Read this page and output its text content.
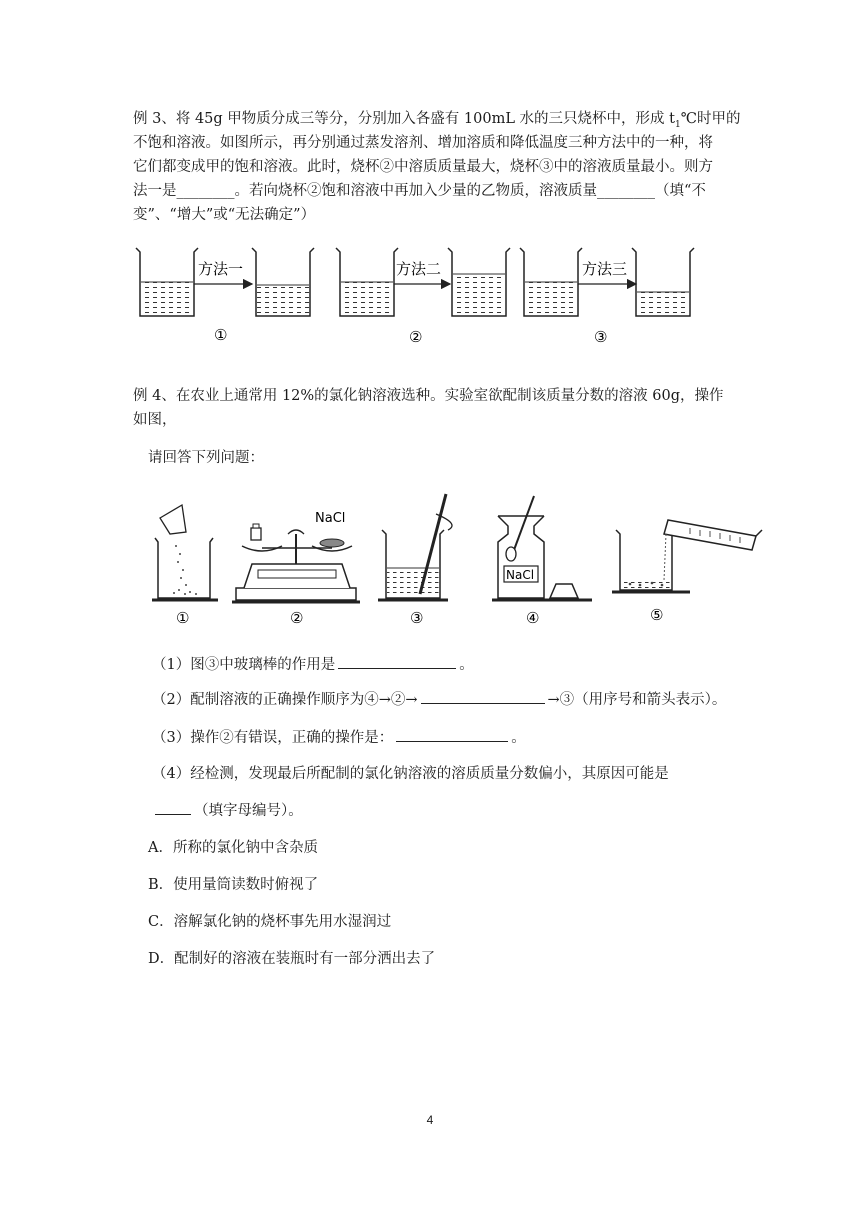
例 3、将 45g 甲物质分成三等分，分别加入各盛有 100mL 水的三只烧杯中，形成 $t_1℃$时甲的
不饱和溶液。如图所示，再分别通过蒸发溶剂、增加溶质和降低温度三种方法中的一种，将
它们都变成甲的饱和溶液。此时，烧杯②中溶质质量最大，烧杯③中的溶液质量最小。则方
法一是________。若向烧杯②饱和溶液中再加入少量的乙物质，溶液质量________（填“不
变”、“增大”或“无法确定”）
方法一
①
方法二
②
方法三
③
例 4、在农业上通常用 12%的氯化钠溶液选种。实验室欲配制该质量分数的溶液 60g，操作
如图，
请回答下列问题：
①
NaCl
②	③
NaCl
④	⑤
（1）图③中玻璃棒的作用是	。
（2）配制溶液的正确操作顺序为④→②→	→③（用序号和箭头表示）。
（3）操作②有错误，正确的操作是：	。
（4）经检测，发现最后所配制的氯化钠溶液的溶质质量分数偏小，其原因可能是
（填字母编号）。
A．所称的氯化钠中含杂质
B．使用量筒读数时俯视了
C．溶解氯化钠的烧杯事先用水湿润过
D．配制好的溶液在装瓶时有一部分洒出去了
4
